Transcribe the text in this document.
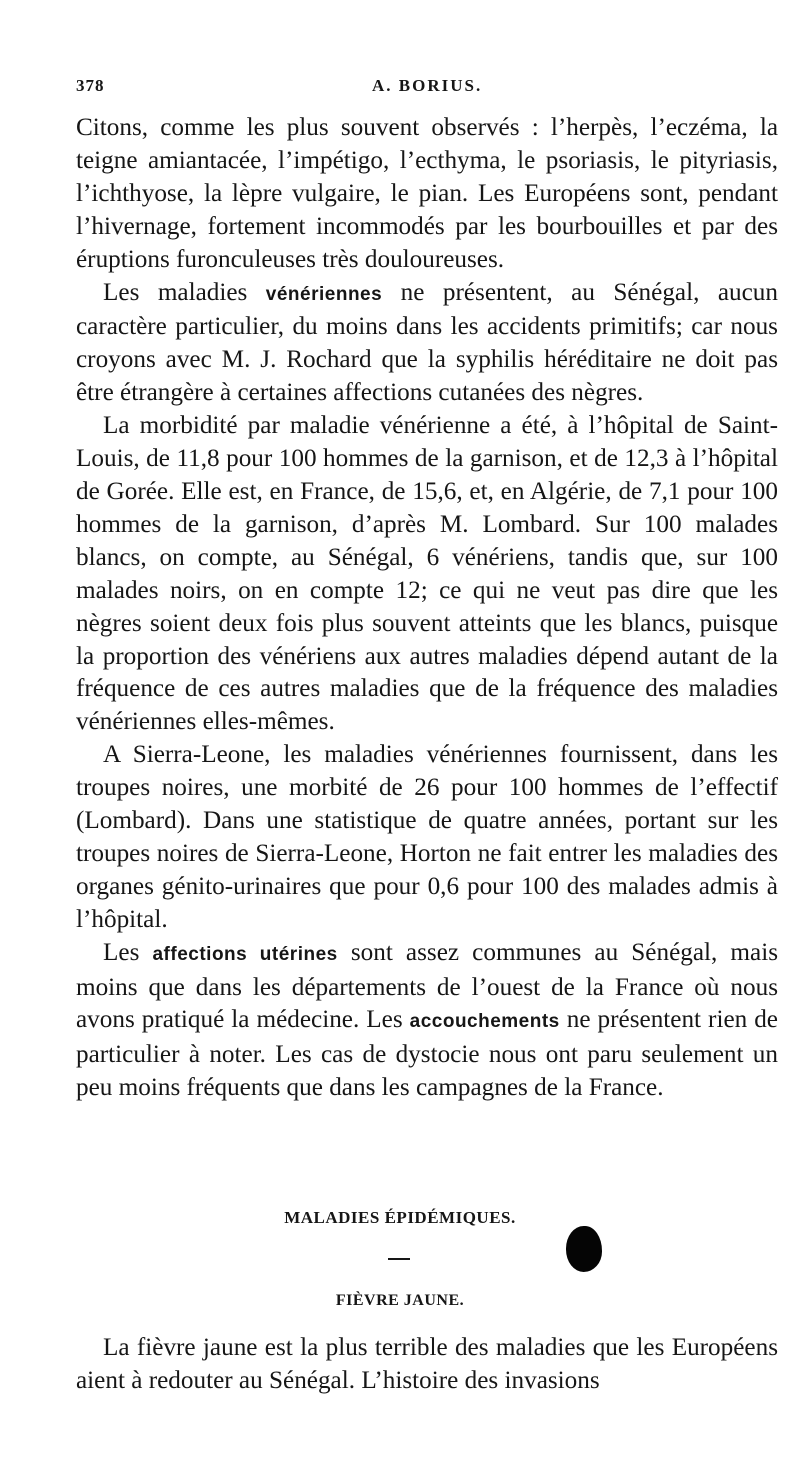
378	A. BORIUS.

Citons, comme les plus souvent observés : l’herpès, l’eczéma, la teigne amiantacée, l’impétigo, l’ecthyma, le psoriasis, le pityriasis, l’ichthyose, la lèpre vulgaire, le pian. Les Européens sont, pendant l’hivernage, fortement incommodés par les bourbouilles et par des éruptions furonculeuses très douloureuses.

Les maladies vénériennes ne présentent, au Sénégal, aucun caractère particulier, du moins dans les accidents primitifs; car nous croyons avec M. J. Rochard que la syphilis héréditaire ne doit pas être étrangère à certaines affections cutanées des nègres.

La morbidité par maladie vénérienne a été, à l’hôpital de Saint-Louis, de 11,8 pour 100 hommes de la garnison, et de 12,3 à l’hôpital de Gorée. Elle est, en France, de 15,6, et, en Algérie, de 7,1 pour 100 hommes de la garnison, d’après M. Lombard. Sur 100 malades blancs, on compte, au Sénégal, 6 vénériens, tandis que, sur 100 malades noirs, on en compte 12; ce qui ne veut pas dire que les nègres soient deux fois plus souvent atteints que les blancs, puisque la proportion des vénériens aux autres maladies dépend autant de la fréquence de ces autres maladies que de la fréquence des maladies vénériennes elles-mêmes.

A Sierra-Leone, les maladies vénériennes fournissent, dans les troupes noires, une morbité de 26 pour 100 hommes de l’effectif (Lombard). Dans une statistique de quatre années, portant sur les troupes noires de Sierra-Leone, Horton ne fait entrer les maladies des organes génito-urinaires que pour 0,6 pour 100 des malades admis à l’hôpital.

Les affections utérines sont assez communes au Sénégal, mais moins que dans les départements de l’ouest de la France où nous avons pratiqué la médecine. Les accouchements ne présentent rien de particulier à noter. Les cas de dystocie nous ont paru seulement un peu moins fréquents que dans les campagnes de la France.

MALADIES ÉPIDÉMIQUES.
FIÈVRE JAUNE.

La fièvre jaune est la plus terrible des maladies que les Européens aient à redouter au Sénégal. L’histoire des invasions
